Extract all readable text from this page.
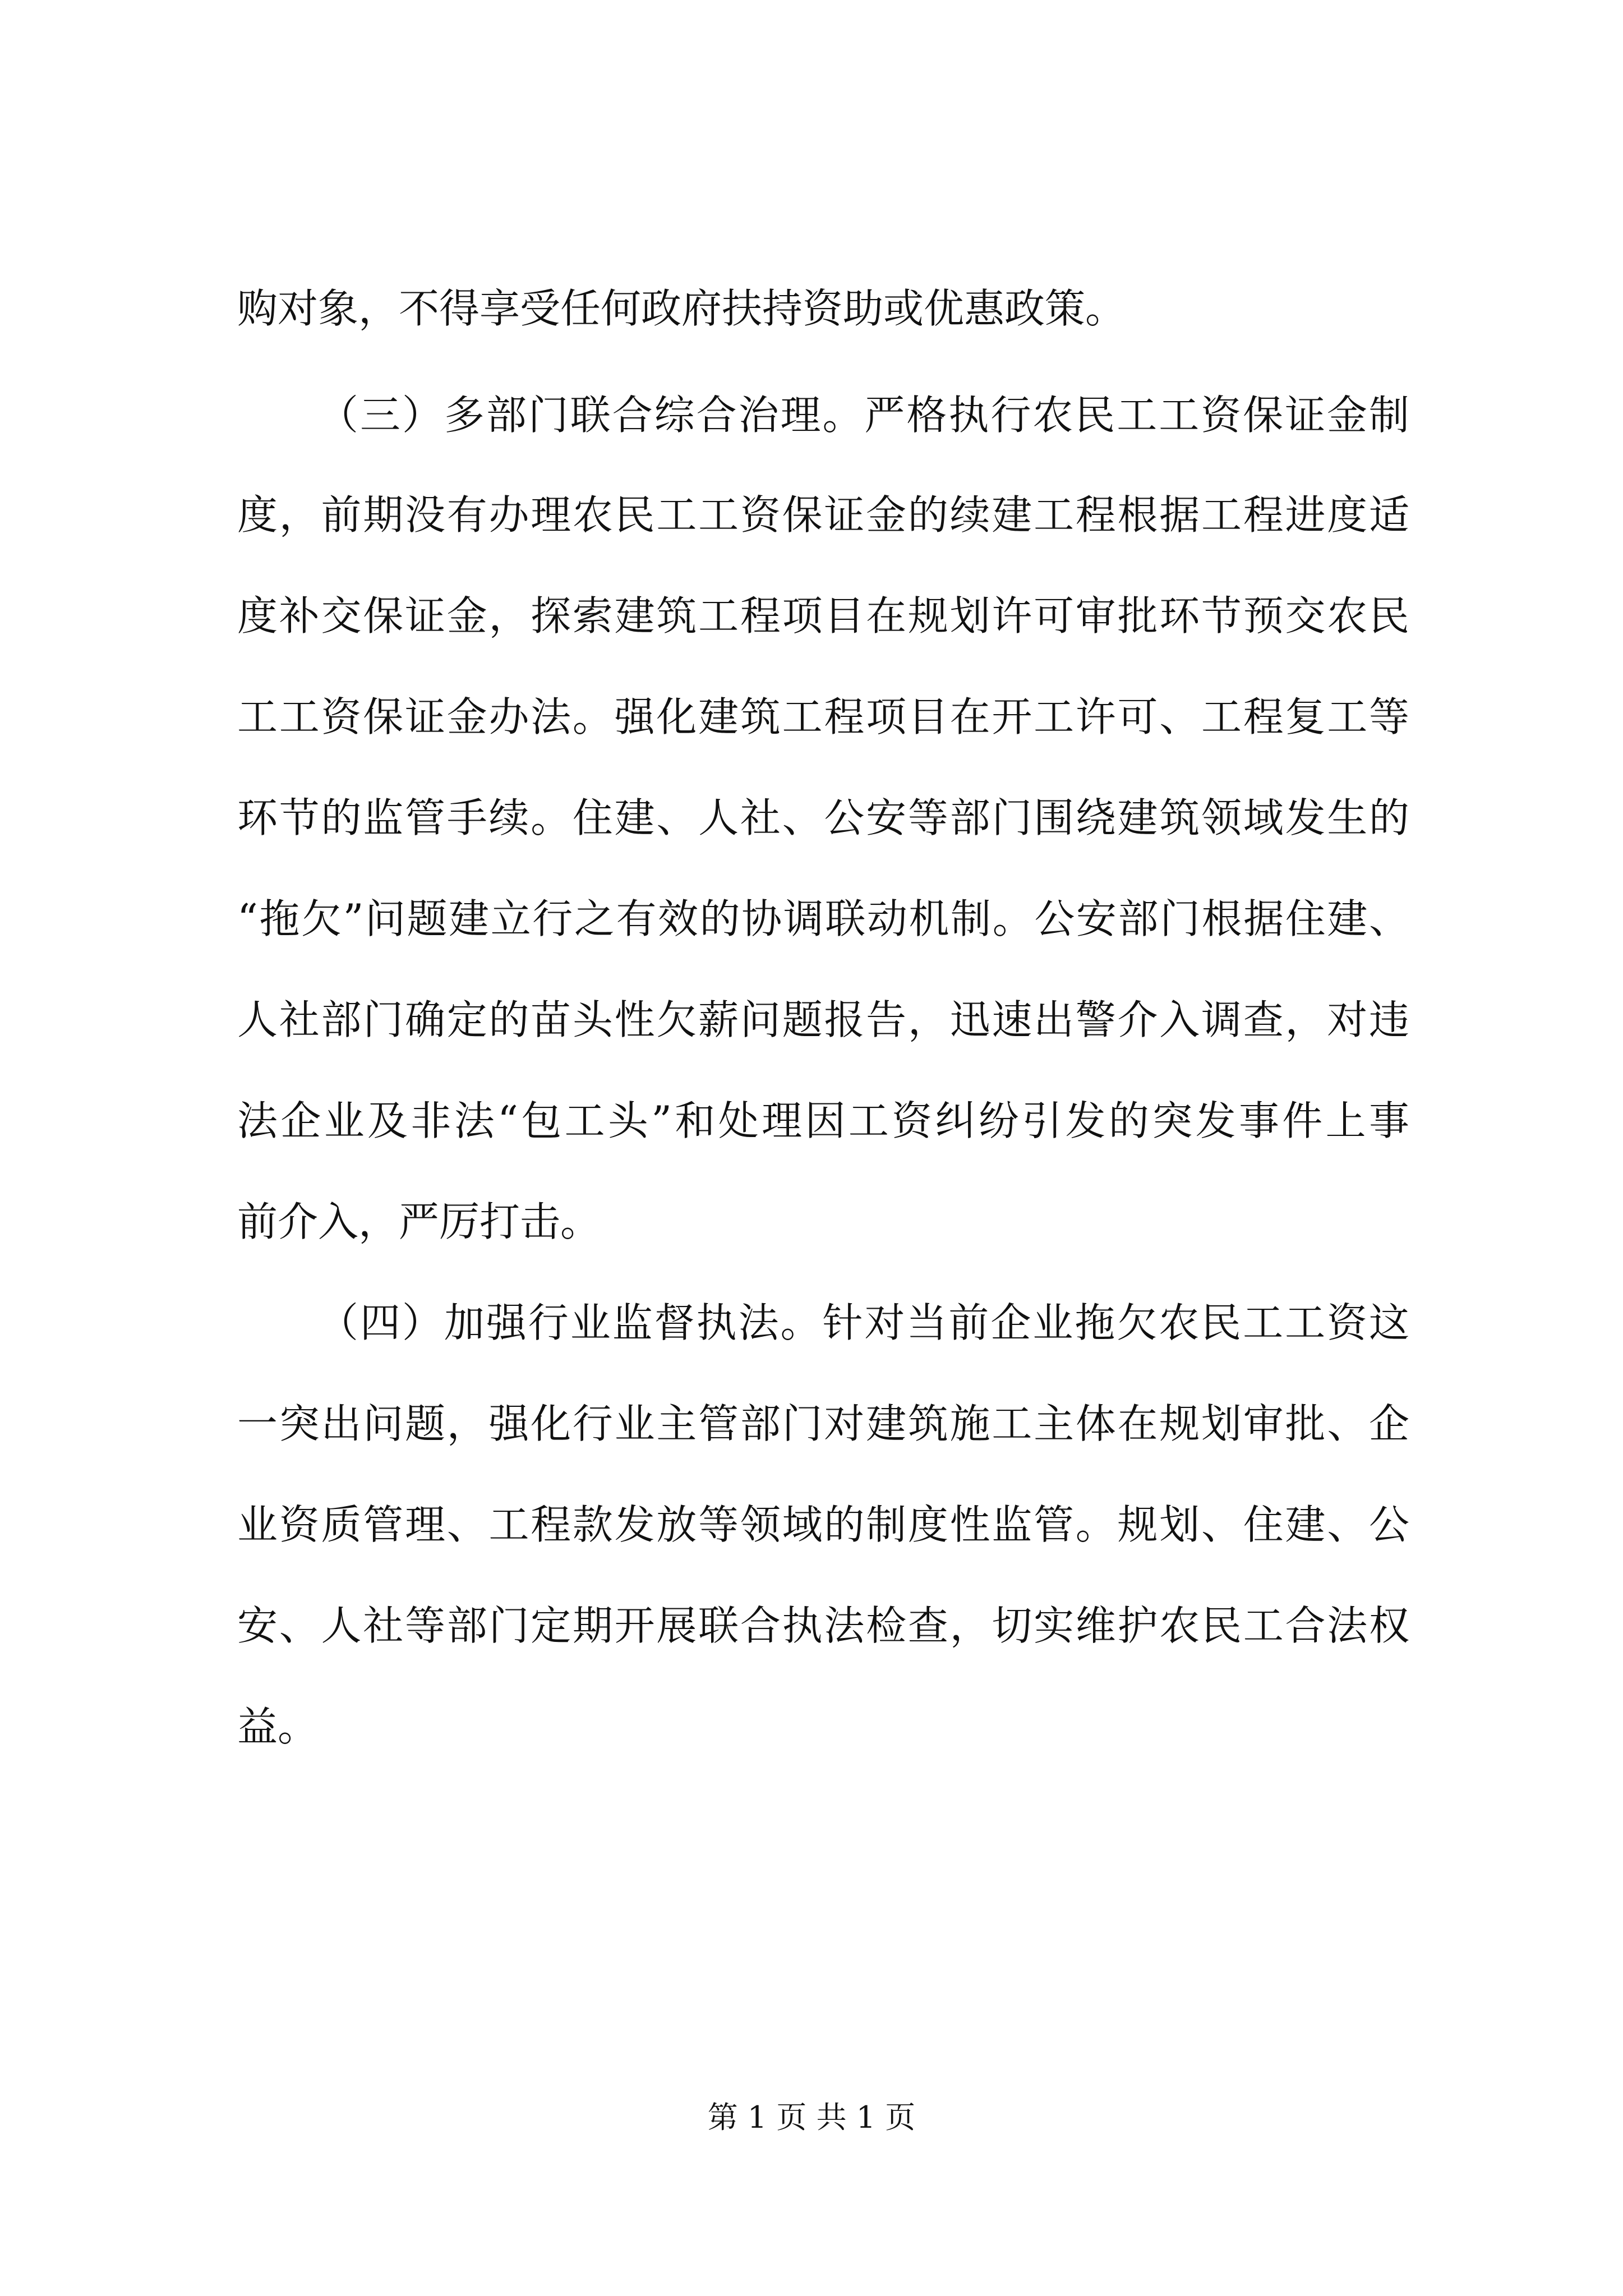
购对象，不得享受任何政府扶持资助或优惠政策。
（三）多部门联合综合治理。严格执行农民工工资保证金制
度，前期没有办理农民工工资保证金的续建工程根据工程进度适
度补交保证金，探索建筑工程项目在规划许可审批环节预交农民
工工资保证金办法。强化建筑工程项目在开工许可、工程复工等
环节的监管手续。住建、人社、公安等部门围绕建筑领域发生的
“拖欠”问题建立行之有效的协调联动机制。公安部门根据住建、
人社部门确定的苗头性欠薪问题报告，迅速出警介入调查，对违
法企业及非法“包工头”和处理因工资纠纷引发的突发事件上事
前介入，严厉打击。
（四）加强行业监督执法。针对当前企业拖欠农民工工资这
一突出问题，强化行业主管部门对建筑施工主体在规划审批、企
业资质管理、工程款发放等领域的制度性监管。规划、住建、公
安、人社等部门定期开展联合执法检查，切实维护农民工合法权
益。
第 1 页 共 1 页
